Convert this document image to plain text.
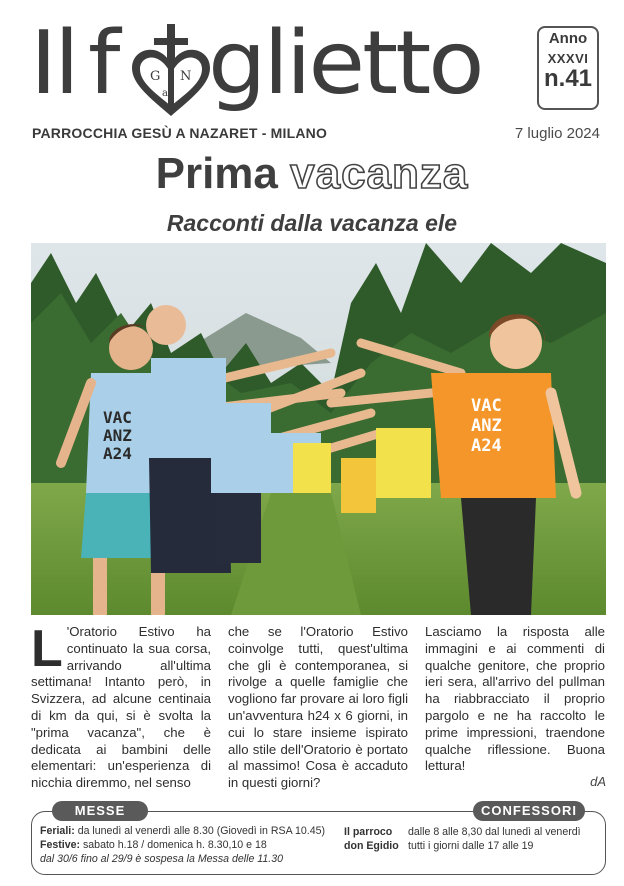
Il f	G N
a glietto	Anno
XXXVI
n.41
PARROCCHIA GESÙ A NAZARET - MILANO	7 luglio 2024
Prima vacanza
Racconti dalla vacanza ele
VAC
ANZ
A24
VAC
ANZ
A24
L 'Oratorio Estivo ha continuato la sua corsa, arrivando all'ultima settimana! Intanto però, in Svizzera, ad alcune centinaia di km da qui, si è svolta la "prima vacanza", che è dedicata ai bambini delle elementari: un'esperienza di nicchia diremmo, nel senso
che se l'Oratorio Estivo coinvolge tutti, quest'ultima che gli è contemporanea, si rivolge a quelle famiglie che vogliono far provare ai loro figli un'avventura h24 x 6 giorni, in cui lo stare insieme ispirato allo stile dell'Oratorio è portato al massimo! Cosa è accaduto in questi giorni?
Lasciamo la risposta alle immagini e ai commenti di qualche genitore, che proprio ieri sera, all'arrivo del pullman ha riabbracciato il proprio pargolo e ne ha raccolto le prime impressioni, traendone qualche riflessione. Buona lettura!
dA
MESSE	CONFESSORI
Feriali: da lunedì al venerdì alle 8.30 (Giovedì in RSA 10.45)
Festive: sabato h.18 / domenica h. 8.30,10 e 18
dal 30/6 fino al 29/9 è sospesa la Messa delle 11.30
Il parroco
don Egidio
dalle 8 alle 8,30 dal lunedì al venerdì
tutti i giorni dalle 17 alle 19
